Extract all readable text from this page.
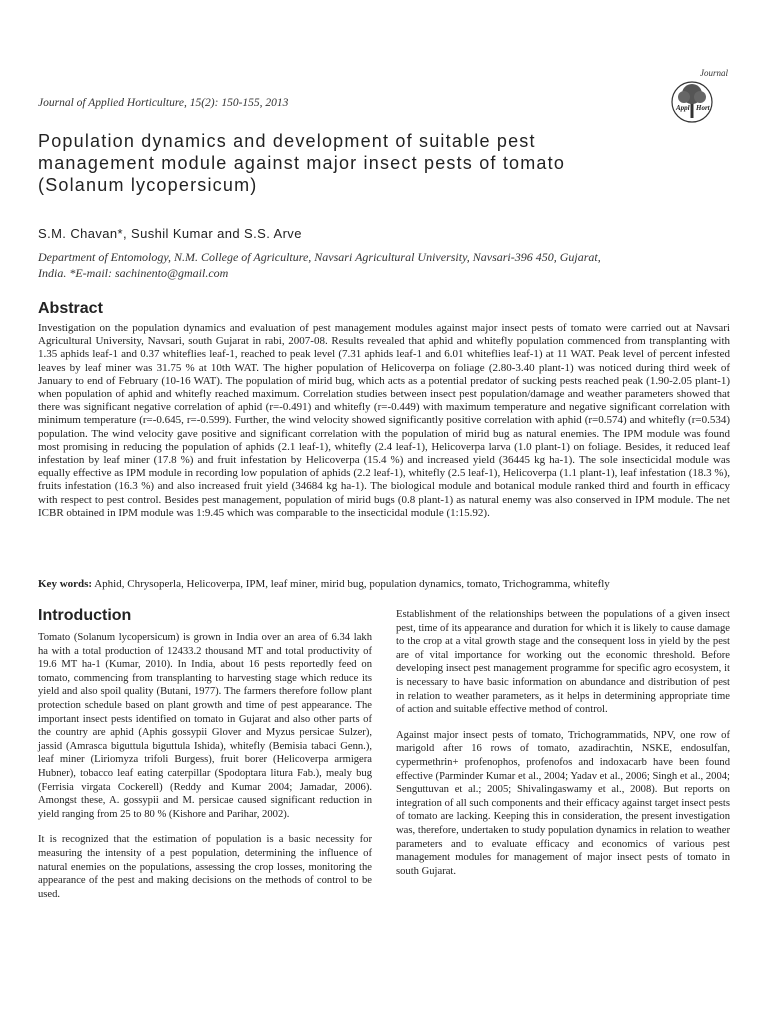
Journal of Applied Horticulture, 15(2): 150-155, 2013
Journal
Appl Hort
Population dynamics and development of suitable pest
management module against major insect pests of tomato
(Solanum lycopersicum)
S.M. Chavan*, Sushil Kumar and S.S. Arve
Department of Entomology, N.M. College of Agriculture, Navsari Agricultural University, Navsari-396 450, Gujarat,
India. *E-mail: sachinento@gmail.com
Abstract

Investigation on the population dynamics and evaluation of pest management modules against major insect pests of tomato were carried out at Navsari Agricultural University, Navsari, south Gujarat in rabi, 2007-08. Results revealed that aphid and whitefly population commenced from transplanting with 1.35 aphids leaf-1 and 0.37 whiteflies leaf-1, reached to peak level (7.31 aphids leaf-1 and 6.01 whiteflies leaf-1) at 11 WAT. Peak level of percent infested leaves by leaf miner was 31.75 % at 10th WAT. The higher population of Helicoverpa on foliage (2.80-3.40 plant-1) was noticed during third week of January to end of February (10-16 WAT). The population of mirid bug, which acts as a potential predator of sucking pests reached peak (1.90-2.05 plant-1) when population of aphid and whitefly reached maximum. Correlation studies between insect pest population/damage and weather parameters showed that there was significant negative correlation of aphid (r=-0.491) and whitefly (r=-0.449) with maximum temperature and negative significant correlation with minimum temperature (r=-0.645, r=-0.599). Further, the wind velocity showed significantly positive correlation with aphid (r=0.574) and whitefly (r=0.534) population. The wind velocity gave positive and significant correlation with the population of mirid bug as natural enemies. The IPM module was found most promising in reducing the population of aphids (2.1 leaf-1), whitefly (2.4 leaf-1), Helicoverpa larva (1.0 plant-1) on foliage. Besides, it reduced leaf infestation by leaf miner (17.8 %) and fruit infestation by Helicoverpa (15.4 %) and increased yield (36445 kg ha-1). The sole insecticidal module was equally effective as IPM module in recording low population of aphids (2.2 leaf-1), whitefly (2.5 leaf-1), Helicoverpa (1.1 plant-1), leaf infestation (18.3 %), fruits infestation (16.3 %) and also increased fruit yield (34684 kg ha-1). The biological module and botanical module ranked third and fourth in efficacy with respect to pest control. Besides pest management, population of mirid bugs (0.8 plant-1) as natural enemy was also conserved in IPM module. The net ICBR obtained in IPM module was 1:9.45 which was comparable to the insecticidal module (1:15.92).

Key words: Aphid, Chrysoperla, Helicoverpa, IPM, leaf miner, mirid bug, population dynamics, tomato, Trichogramma, whitefly
Introduction

Tomato (Solanum lycopersicum) is grown in India over an area of 6.34 lakh ha with a total production of 12433.2 thousand MT and total productivity of 19.6 MT ha-1 (Kumar, 2010). In India, about 16 pests reportedly feed on tomato, commencing from transplanting to harvesting stage which reduce its yield and also spoil quality (Butani, 1977). The farmers therefore follow plant protection schedule based on plant growth and time of pest appearance. The important insect pests identified on tomato in Gujarat and also other parts of the country are aphid (Aphis gossypii Glover and Myzus persicae Sulzer), jassid (Amrasca biguttula biguttula Ishida), whitefly (Bemisia tabaci Genn.), leaf miner (Liriomyza trifoli Burgess), fruit borer (Helicoverpa armigera Hubner), tobacco leaf eating caterpillar (Spodoptara litura Fab.), mealy bug (Ferrisia virgata Cockerell) (Reddy and Kumar 2004; Jamadar, 2006). Amongst these, A. gossypii and M. persicae caused significant reduction in yield ranging from 25 to 80 % (Kishore and Parihar, 2002).

It is recognized that the estimation of population is a basic necessity for measuring the intensity of a pest population, determining the influence of natural enemies on the populations, assessing the crop losses, monitoring the appearance of the pest and making decisions on the methods of control to be used.

Establishment of the relationships between the populations of a given insect pest, time of its appearance and duration for which it is likely to cause damage to the crop at a vital growth stage and the consequent loss in yield by the pest are of vital importance for working out the economic threshold. Before developing insect pest management programme for specific agro ecosystem, it is necessary to have basic information on abundance and distribution of pest in relation to weather parameters, as it helps in determining appropriate time of action and suitable effective method of control.

Against major insect pests of tomato, Trichogrammatids, NPV, one row of marigold after 16 rows of tomato, azadirachtin, NSKE, endosulfan, cypermethrin+ profenophos, profenofos and indoxacarb have been found effective (Parminder Kumar et al., 2004; Yadav et al., 2006; Singh et al., 2004; Senguttuvan et al.; 2005; Shivalingaswamy et al., 2008). But reports on integration of all such components and their efficacy against target insect pests of tomato are lacking. Keeping this in consideration, the present investigation was, therefore, undertaken to study population dynamics in relation to weather parameters and to evaluate efficacy and economics of various pest management modules for management of major insect pests of tomato in south Gujarat.
